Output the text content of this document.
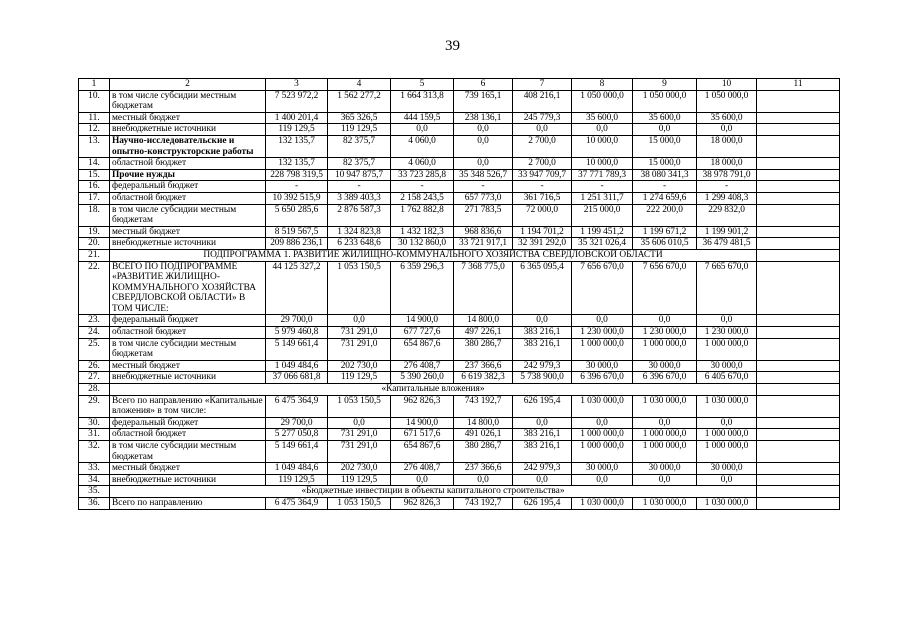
39
1	2	3	4	5	6	7	8	9	10	11
10.	в том числе субсидии местным бюджетам	7 523 972,2	1 562 277,2	1 664 313,8	739 165,1	408 216,1	1 050 000,0	1 050 000,0	1 050 000,0	
11.	местный бюджет	1 400 201,4	365 326,5	444 159,5	238 136,1	245 779,3	35 600,0	35 600,0	35 600,0	
12.	внебюджетные источники	119 129,5	119 129,5	0,0	0,0	0,0	0,0	0,0	0,0	
13.	Научно-исследовательские и опытно-конструкторские работы	132 135,7	82 375,7	4 060,0	0,0	2 700,0	10 000,0	15 000,0	18 000,0	
14.	областной бюджет	132 135,7	82 375,7	4 060,0	0,0	2 700,0	10 000,0	15 000,0	18 000,0	
15.	Прочие нужды	228 798 319,5	10 947 875,7	33 723 285,8	35 348 526,7	33 947 709,7	37 771 789,3	38 080 341,3	38 978 791,0	
16.	федеральный бюджет	-	-	-	-	-	-	-	-	
17.	областной бюджет	10 392 515,9	3 389 403,3	2 158 243,5	657 773,0	361 716,5	1 251 311,7	1 274 659,6	1 299 408,3	
18.	в том числе субсидии местным бюджетам	5 650 285,6	2 876 587,3	1 762 882,8	271 783,5	72 000,0	215 000,0	222 200,0	229 832,0	
19.	местный бюджет	8 519 567,5	1 324 823,8	1 432 182,3	968 836,6	1 194 701,2	1 199 451,2	1 199 671,2	1 199 901,2	
20.	внебюджетные источники	209 886 236,1	6 233 648,6	30 132 860,0	33 721 917,1	32 391 292,0	35 321 026,4	35 606 010,5	36 479 481,5	
21.	ПОДПРОГРАММА 1. РАЗВИТИЕ ЖИЛИЩНО-КОММУНАЛЬНОГО ХОЗЯЙСТВА СВЕРДЛОВСКОЙ ОБЛАСТИ									
22.	ВСЕГО ПО ПОДПРОГРАММЕ «РАЗВИТИЕ ЖИЛИЩНО-КОММУНАЛЬНОГО ХОЗЯЙСТВА СВЕРДЛОВСКОЙ ОБЛАСТИ» В ТОМ ЧИСЛЕ:	44 125 327,2	1 053 150,5	6 359 296,3	7 368 775,0	6 365 095,4	7 656 670,0	7 656 670,0	7 665 670,0	
23.	федеральный бюджет	29 700,0	0,0	14 900,0	14 800,0	0,0	0,0	0,0	0,0	
24.	областной бюджет	5 979 460,8	731 291,0	677 727,6	497 226,1	383 216,1	1 230 000,0	1 230 000,0	1 230 000,0	
25.	в том числе субсидии местным бюджетам	5 149 661,4	731 291,0	654 867,6	380 286,7	383 216,1	1 000 000,0	1 000 000,0	1 000 000,0	
26.	местный бюджет	1 049 484,6	202 730,0	276 408,7	237 366,6	242 979,3	30 000,0	30 000,0	30 000,0	
27.	внебюджетные источники	37 066 681,8	119 129,5	5 390 260,0	6 619 382,3	5 738 900,0	6 396 670,0	6 396 670,0	6 405 670,0	
28.	«Капитальные вложения»									
29.	Всего по направлению «Капитальные вложения» в том числе:	6 475 364,9	1 053 150,5	962 826,3	743 192,7	626 195,4	1 030 000,0	1 030 000,0	1 030 000,0	
30.	федеральный бюджет	29 700,0	0,0	14 900,0	14 800,0	0,0	0,0	0,0	0,0	
31.	областной бюджет	5 277 050,8	731 291,0	671 517,6	491 026,1	383 216,1	1 000 000,0	1 000 000,0	1 000 000,0	
32.	в том числе субсидии местным бюджетам	5 149 661,4	731 291,0	654 867,6	380 286,7	383 216,1	1 000 000,0	1 000 000,0	1 000 000,0	
33.	местный бюджет	1 049 484,6	202 730,0	276 408,7	237 366,6	242 979,3	30 000,0	30 000,0	30 000,0	
34.	внебюджетные источники	119 129,5	119 129,5	0,0	0,0	0,0	0,0	0,0	0,0	
35.	«Бюджетные инвестиции в объекты капитального строительства»									
36.	Всего по направлению	6 475 364,9	1 053 150,5	962 826,3	743 192,7	626 195,4	1 030 000,0	1 030 000,0	1 030 000,0	
